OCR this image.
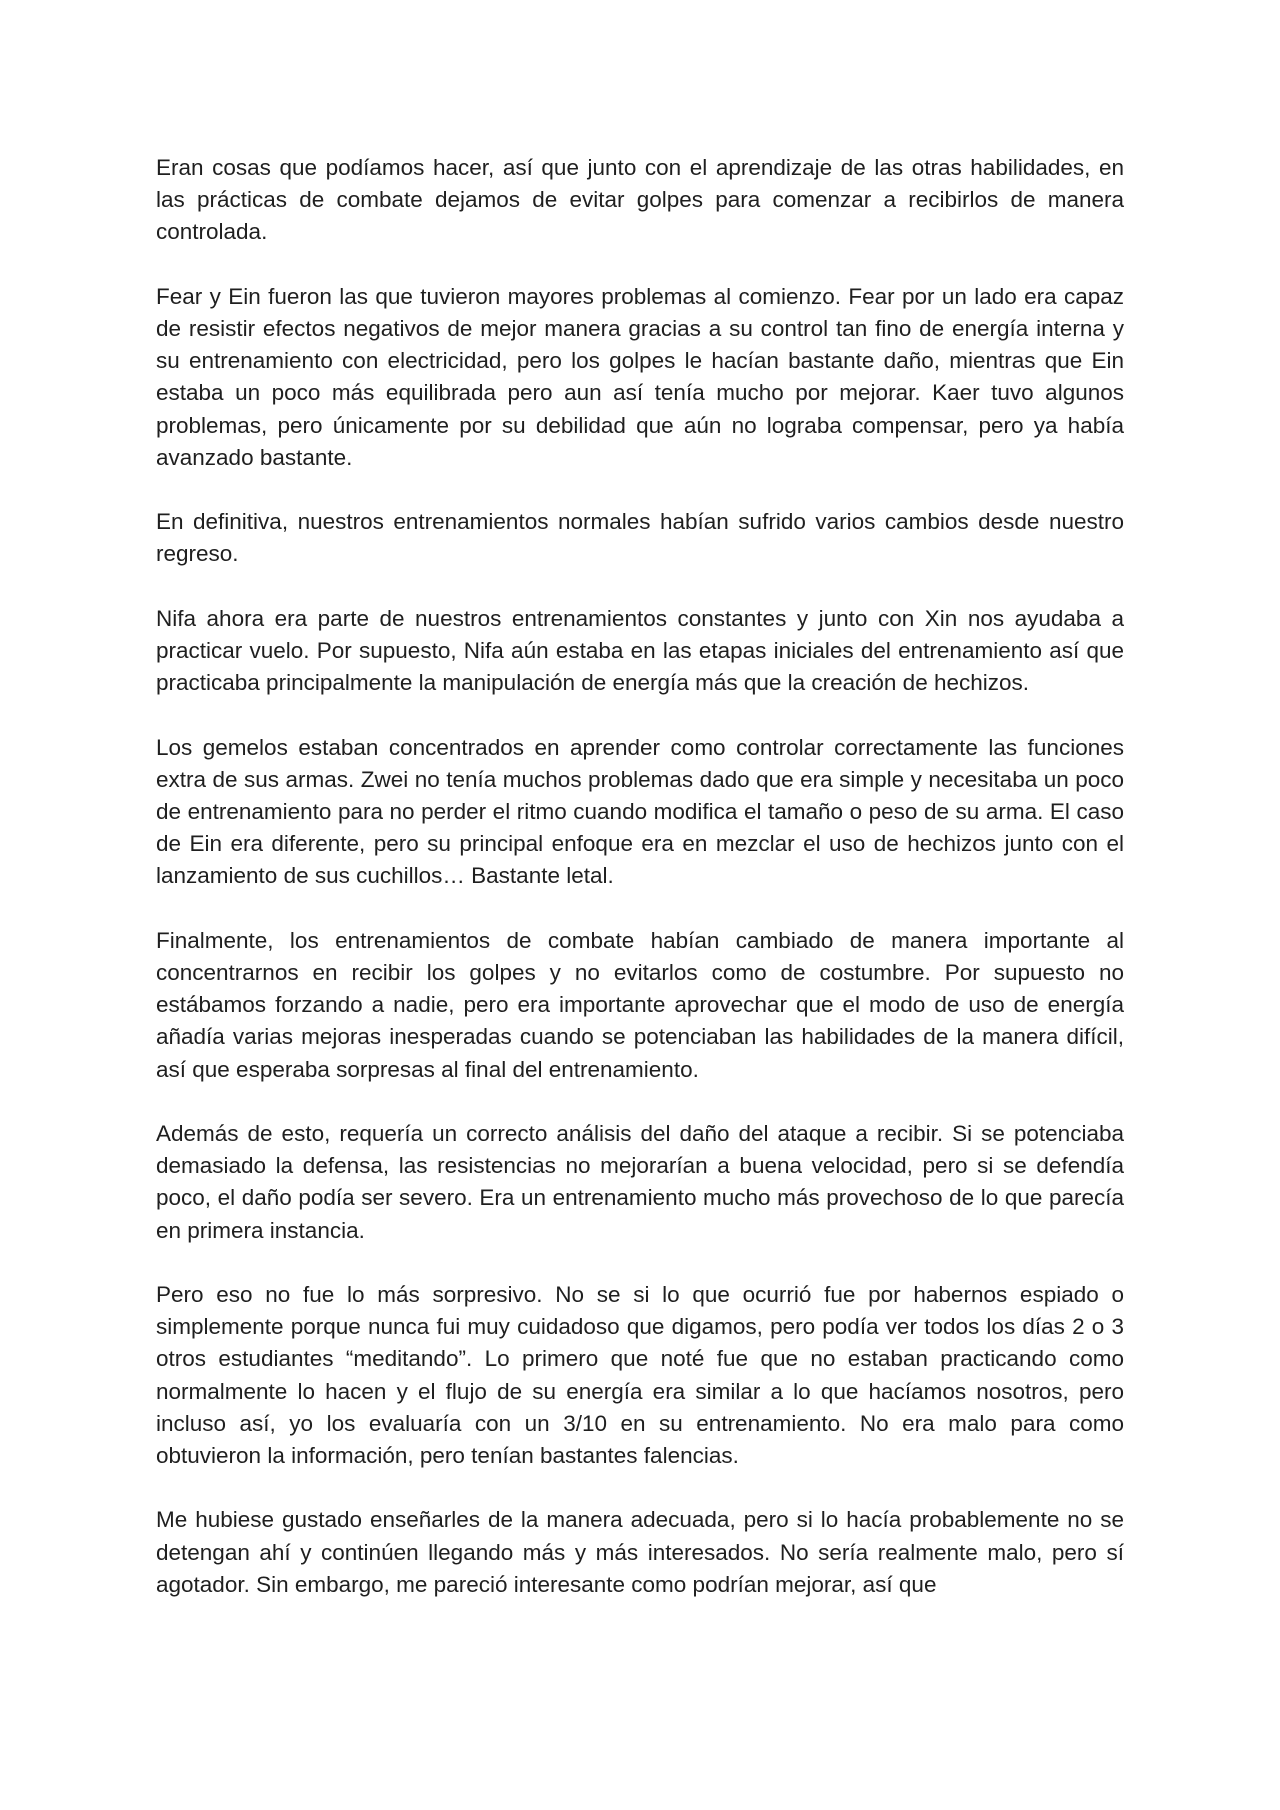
Eran cosas que podíamos hacer, así que junto con el aprendizaje de las otras habilidades, en las prácticas de combate dejamos de evitar golpes para comenzar a recibirlos de manera controlada.

Fear y Ein fueron las que tuvieron mayores problemas al comienzo. Fear por un lado era capaz de resistir efectos negativos de mejor manera gracias a su control tan fino de energía interna y su entrenamiento con electricidad, pero los golpes le hacían bastante daño, mientras que Ein estaba un poco más equilibrada pero aun así tenía mucho por mejorar. Kaer tuvo algunos problemas, pero únicamente por su debilidad que aún no lograba compensar, pero ya había avanzado bastante.

En definitiva, nuestros entrenamientos normales habían sufrido varios cambios desde nuestro regreso.

Nifa ahora era parte de nuestros entrenamientos constantes y junto con Xin nos ayudaba a practicar vuelo. Por supuesto, Nifa aún estaba en las etapas iniciales del entrenamiento así que practicaba principalmente la manipulación de energía más que la creación de hechizos.

Los gemelos estaban concentrados en aprender como controlar correctamente las funciones extra de sus armas. Zwei no tenía muchos problemas dado que era simple y necesitaba un poco de entrenamiento para no perder el ritmo cuando modifica el tamaño o peso de su arma. El caso de Ein era diferente, pero su principal enfoque era en mezclar el uso de hechizos junto con el lanzamiento de sus cuchillos… Bastante letal.

Finalmente, los entrenamientos de combate habían cambiado de manera importante al concentrarnos en recibir los golpes y no evitarlos como de costumbre. Por supuesto no estábamos forzando a nadie, pero era importante aprovechar que el modo de uso de energía añadía varias mejoras inesperadas cuando se potenciaban las habilidades de la manera difícil, así que esperaba sorpresas al final del entrenamiento.

Además de esto, requería un correcto análisis del daño del ataque a recibir. Si se potenciaba demasiado la defensa, las resistencias no mejorarían a buena velocidad, pero si se defendía poco, el daño podía ser severo. Era un entrenamiento mucho más provechoso de lo que parecía en primera instancia.

Pero eso no fue lo más sorpresivo. No se si lo que ocurrió fue por habernos espiado o simplemente porque nunca fui muy cuidadoso que digamos, pero podía ver todos los días 2 o 3 otros estudiantes “meditando”. Lo primero que noté fue que no estaban practicando como normalmente lo hacen y el flujo de su energía era similar a lo que hacíamos nosotros, pero incluso así, yo los evaluaría con un 3/10 en su entrenamiento. No era malo para como obtuvieron la información, pero tenían bastantes falencias.

Me hubiese gustado enseñarles de la manera adecuada, pero si lo hacía probablemente no se detengan ahí y continúen llegando más y más interesados. No sería realmente malo, pero sí agotador. Sin embargo, me pareció interesante como podrían mejorar, así que
